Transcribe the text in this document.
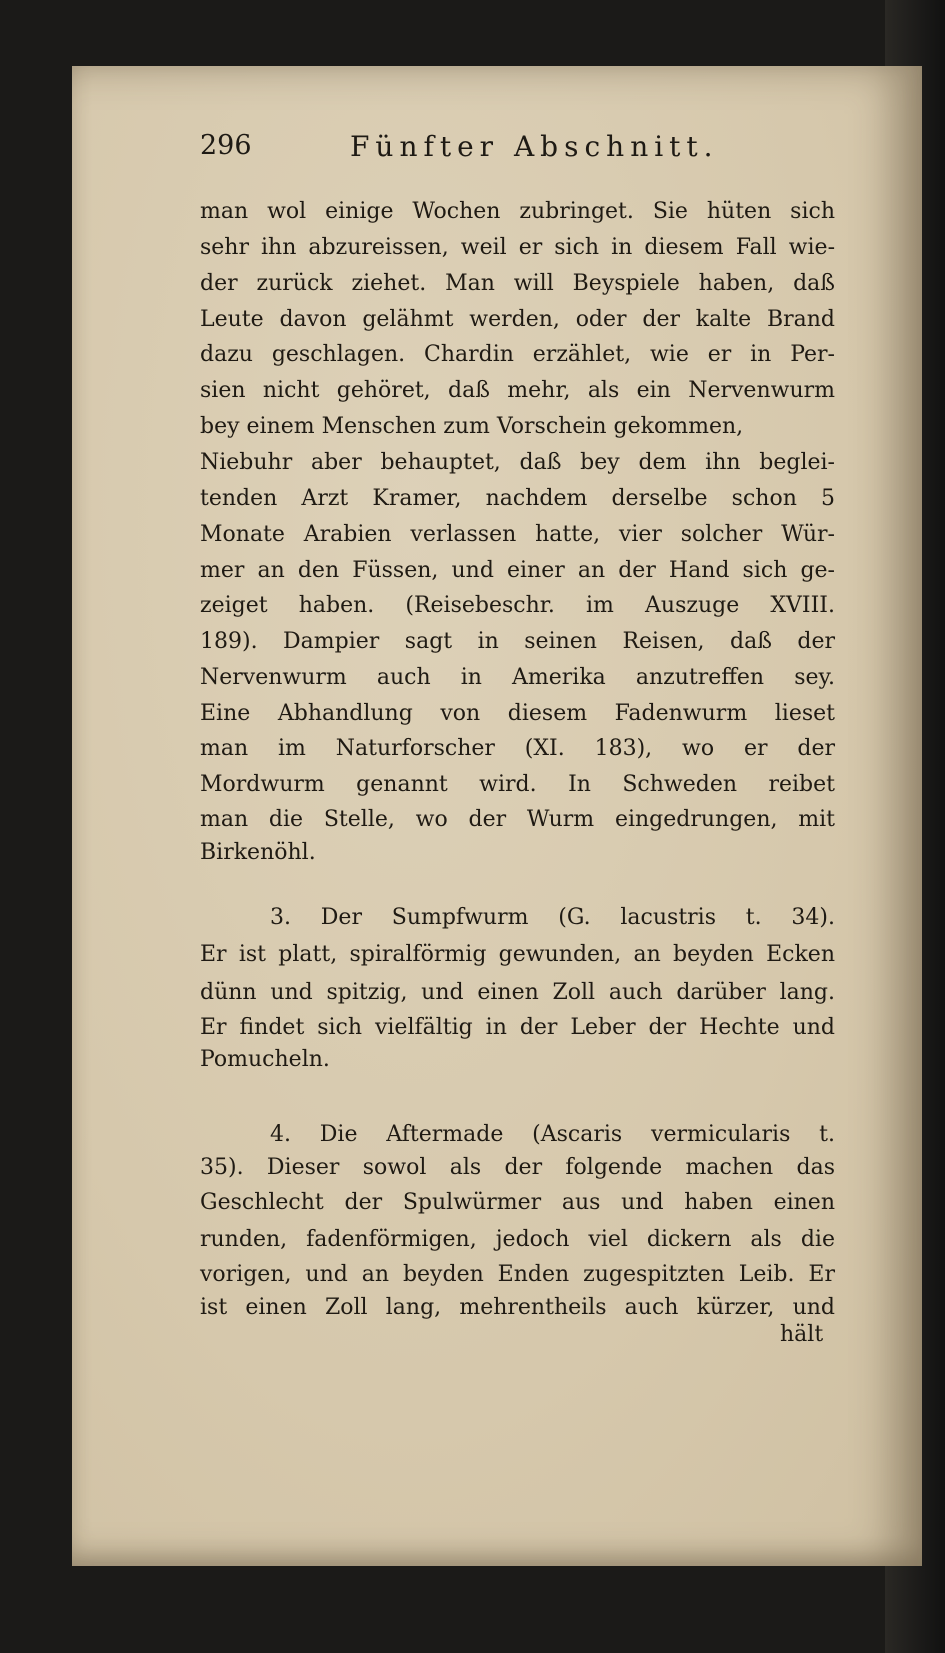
296	Fünfter Abschnitt.
man wol einige Wochen zubringet. Sie hüten sich
sehr ihn abzureissen, weil er sich in diesem Fall wie-
der zurück ziehet. Man will Beyspiele haben, daß
Leute davon gelähmt werden, oder der kalte Brand
dazu geschlagen. Chardin erzählet, wie er in Per-
sien nicht gehöret, daß mehr, als ein Nervenwurm
bey einem Menschen zum Vorschein gekommen,
Niebuhr aber behauptet, daß bey dem ihn beglei-
tenden Arzt Kramer, nachdem derselbe schon 5
Monate Arabien verlassen hatte, vier solcher Wür-
mer an den Füssen, und einer an der Hand sich ge-
zeiget haben. (Reisebeschr. im Auszuge XVIII.
189). Dampier sagt in seinen Reisen, daß der
Nervenwurm auch in Amerika anzutreffen sey.
Eine Abhandlung von diesem Fadenwurm lieset
man im Naturforscher (XI. 183), wo er der
Mordwurm genannt wird. In Schweden reibet
man die Stelle, wo der Wurm eingedrungen, mit
Birkenöhl.
3. Der Sumpfwurm (G. lacustris t. 34).
Er ist platt, spiralförmig gewunden, an beyden Ecken
dünn und spitzig, und einen Zoll auch darüber lang.
Er findet sich vielfältig in der Leber der Hechte und
Pomucheln.
4. Die Aftermade (Ascaris vermicularis t.
35). Dieser sowol als der folgende machen das
Geschlecht der Spulwürmer aus und haben einen
runden, fadenförmigen, jedoch viel dickern als die
vorigen, und an beyden Enden zugespitzten Leib. Er
ist einen Zoll lang, mehrentheils auch kürzer, und
hält
